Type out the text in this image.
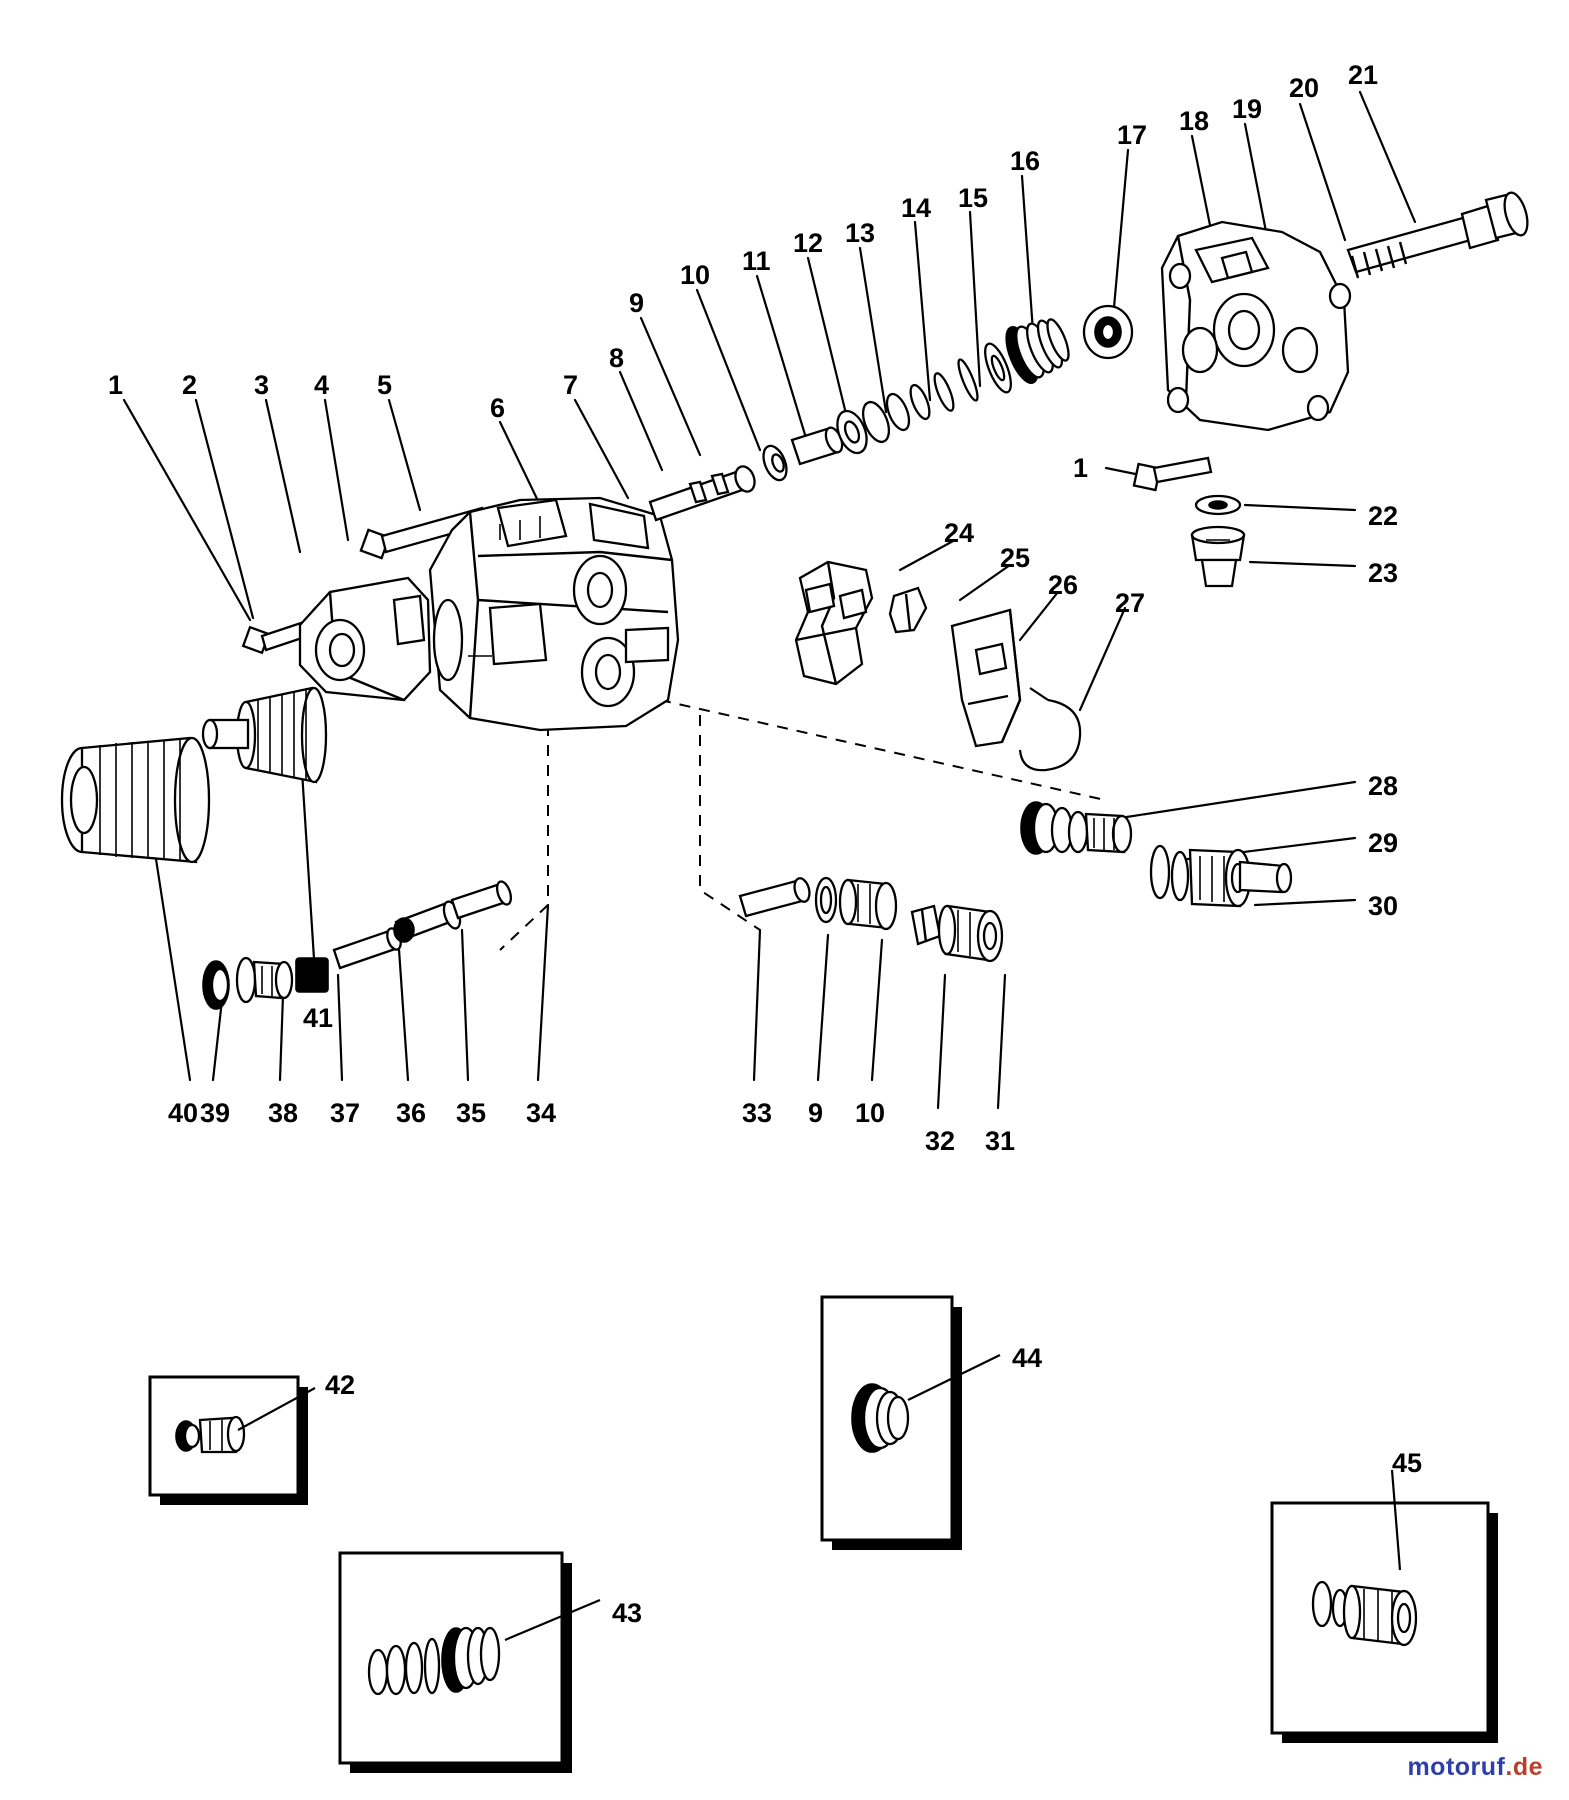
1 2 3 4 5
6
7
8
9
10 11
12 13
14 15
16
17 18 19
20 21
1
22
23
24
25
26
27
28
29
30
40
41
39 38 37 36 35 34	33 9 10
32 31
42
43
44
45
motoruf.de
